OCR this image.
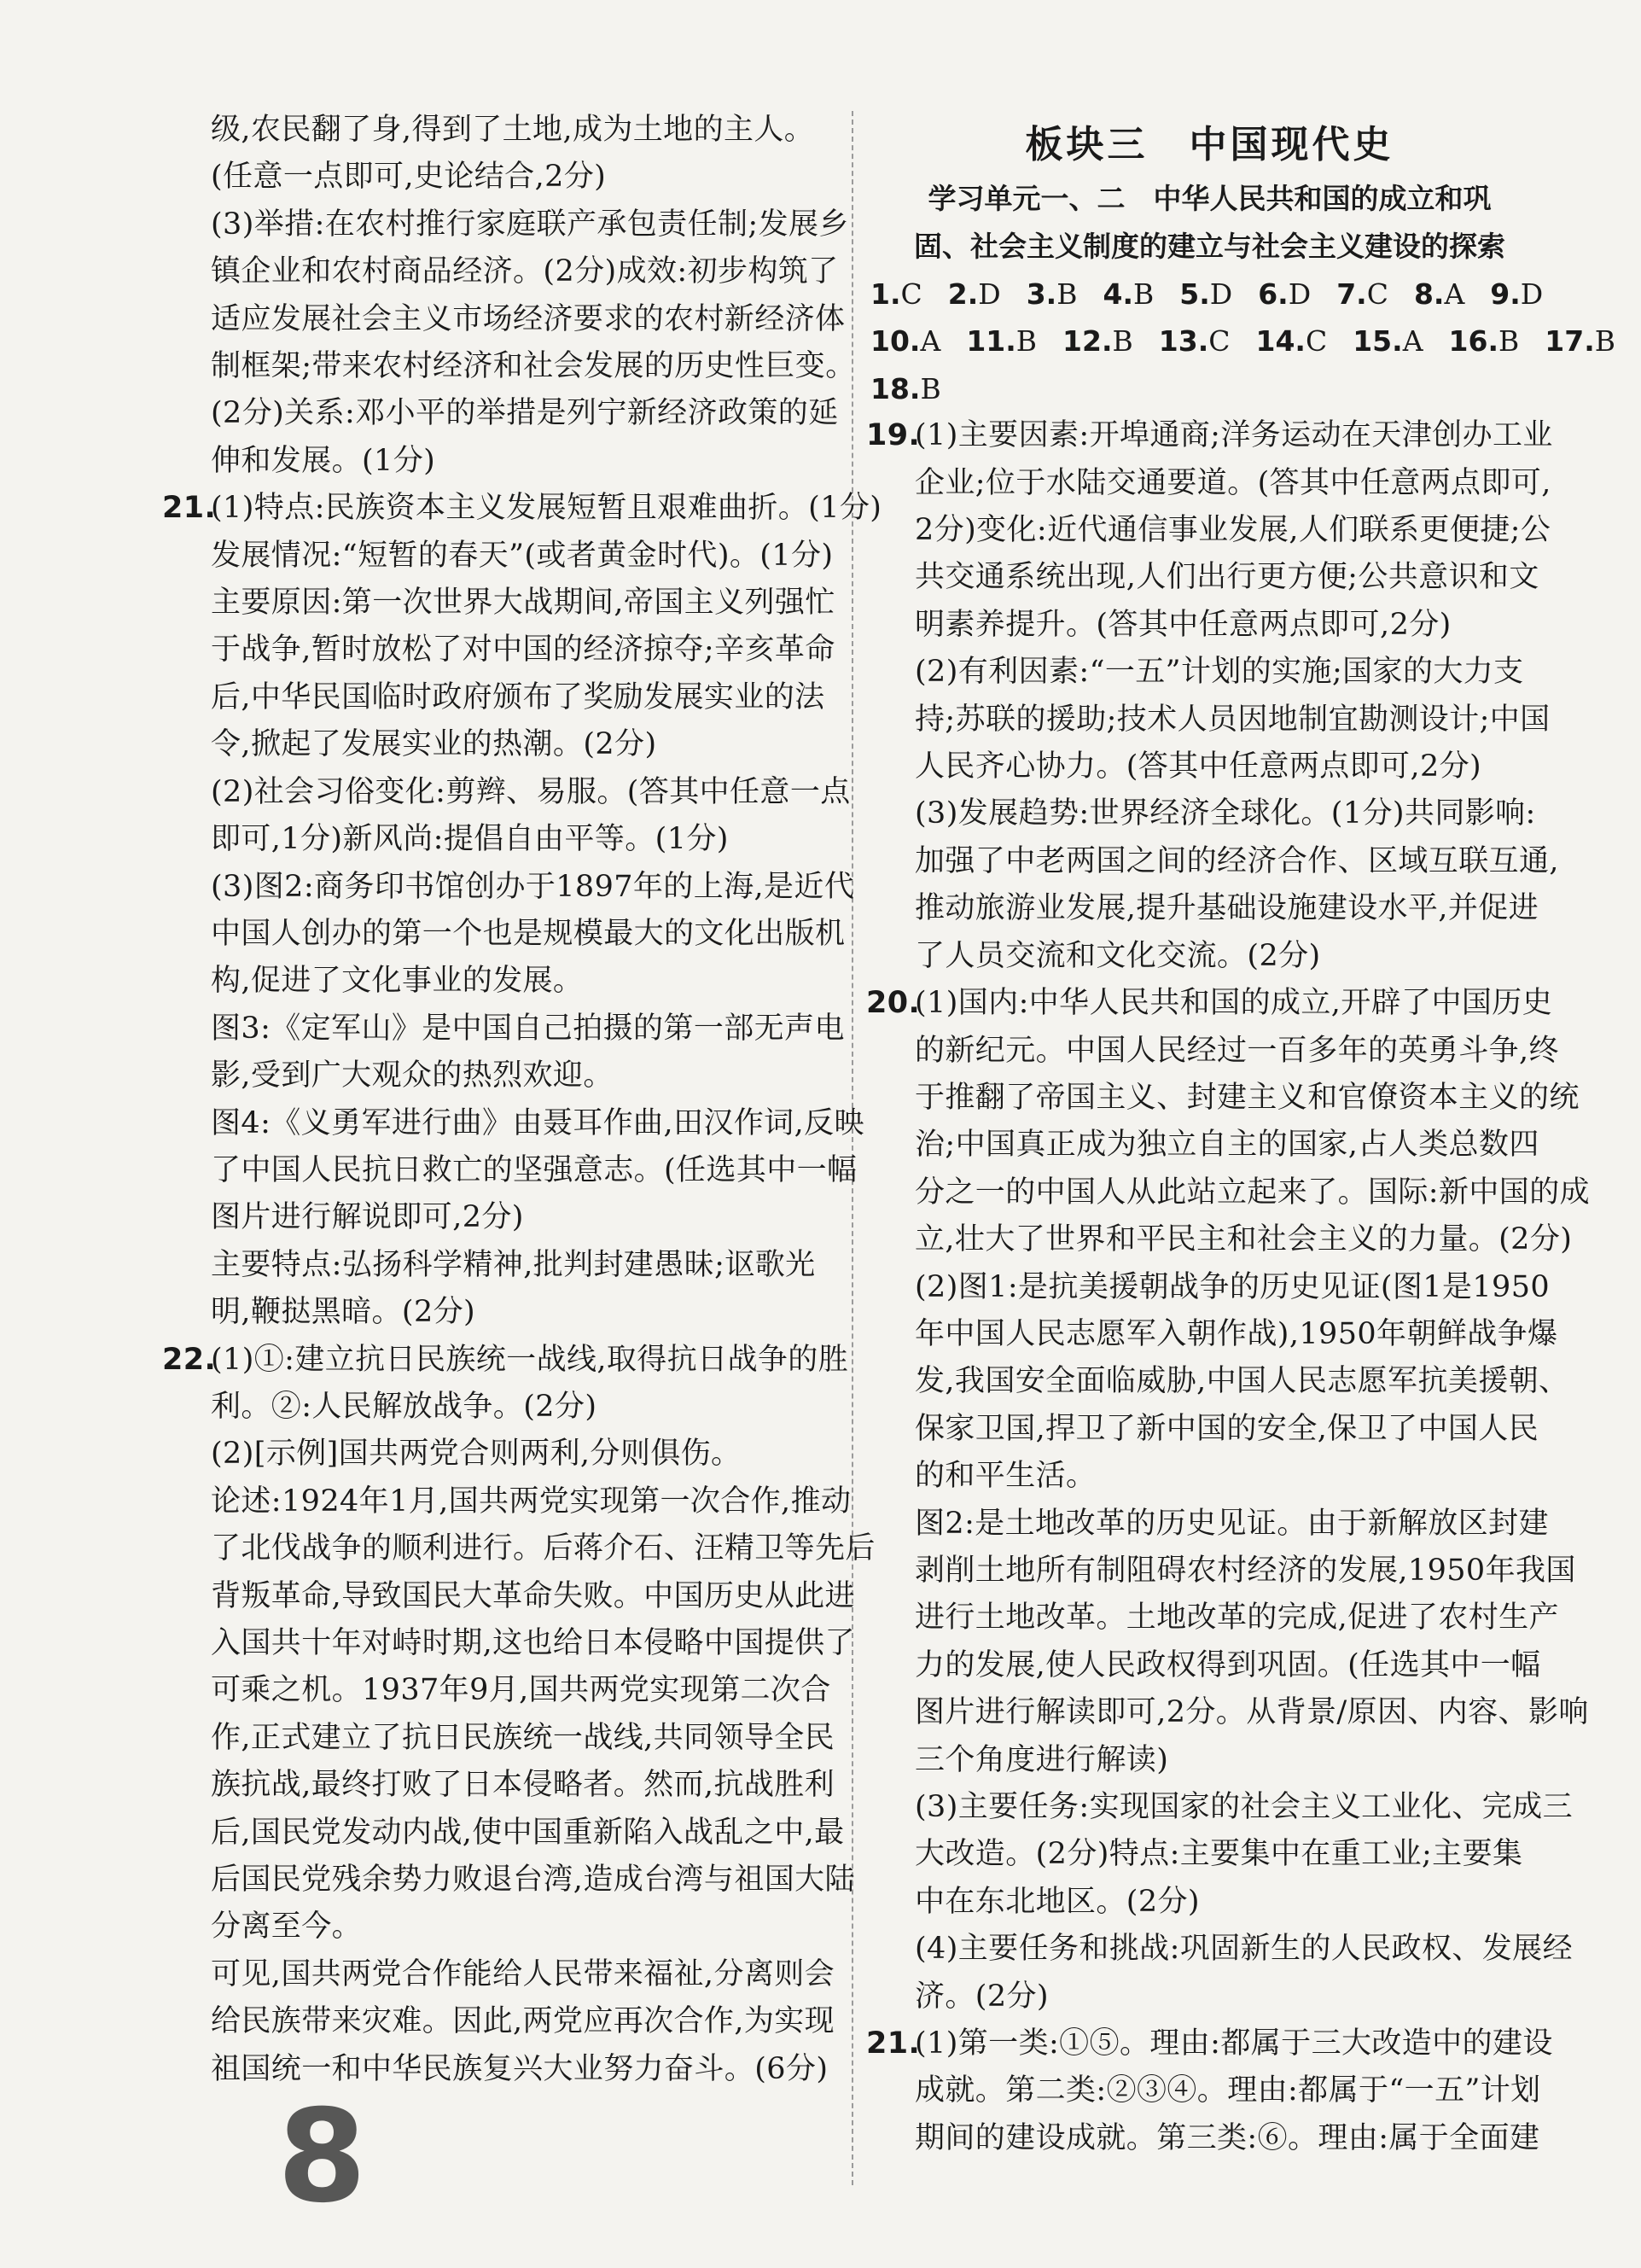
级,农民翻了身,得到了土地,成为土地的主人。
(任意一点即可,史论结合,2分)
(3)举措:在农村推行家庭联产承包责任制;发展乡
镇企业和农村商品经济。(2分)成效:初步构筑了
适应发展社会主义市场经济要求的农村新经济体
制框架;带来农村经济和社会发展的历史性巨变。
(2分)关系:邓小平的举措是列宁新经济政策的延
伸和发展。(1分)
21.
(1)特点:民族资本主义发展短暂且艰难曲折。(1分)
发展情况:“短暂的春天”(或者黄金时代)。(1分)
主要原因:第一次世界大战期间,帝国主义列强忙
于战争,暂时放松了对中国的经济掠夺;辛亥革命
后,中华民国临时政府颁布了奖励发展实业的法
令,掀起了发展实业的热潮。(2分)
(2)社会习俗变化:剪辫、易服。(答其中任意一点
即可,1分)新风尚:提倡自由平等。(1分)
(3)图2:商务印书馆创办于1897年的上海,是近代
中国人创办的第一个也是规模最大的文化出版机
构,促进了文化事业的发展。
图3:《定军山》是中国自己拍摄的第一部无声电
影,受到广大观众的热烈欢迎。
图4:《义勇军进行曲》由聂耳作曲,田汉作词,反映
了中国人民抗日救亡的坚强意志。(任选其中一幅
图片进行解说即可,2分)
主要特点:弘扬科学精神,批判封建愚昧;讴歌光
明,鞭挞黑暗。(2分)
22.
(1)①:建立抗日民族统一战线,取得抗日战争的胜
利。②:人民解放战争。(2分)
(2)[示例]国共两党合则两利,分则俱伤。
论述:1924年1月,国共两党实现第一次合作,推动
了北伐战争的顺利进行。后蒋介石、汪精卫等先后
背叛革命,导致国民大革命失败。中国历史从此进
入国共十年对峙时期,这也给日本侵略中国提供了
可乘之机。1937年9月,国共两党实现第二次合
作,正式建立了抗日民族统一战线,共同领导全民
族抗战,最终打败了日本侵略者。然而,抗战胜利
后,国民党发动内战,使中国重新陷入战乱之中,最
后国民党残余势力败退台湾,造成台湾与祖国大陆
分离至今。
可见,国共两党合作能给人民带来福祉,分离则会
给民族带来灾难。因此,两党应再次合作,为实现
祖国统一和中华民族复兴大业努力奋斗。(6分)
板块三　中国现代史
学习单元一、二　中华人民共和国的成立和巩
固、社会主义制度的建立与社会主义建设的探索
1.C 2.D 3.B 4.B 5.D 6.D 7.C 8.A 9.D
10.A 11.B 12.B 13.C 14.C 15.A 16.B 17.B
18.B
19.
(1)主要因素:开埠通商;洋务运动在天津创办工业
企业;位于水陆交通要道。(答其中任意两点即可,
2分)变化:近代通信事业发展,人们联系更便捷;公
共交通系统出现,人们出行更方便;公共意识和文
明素养提升。(答其中任意两点即可,2分)
(2)有利因素:“一五”计划的实施;国家的大力支
持;苏联的援助;技术人员因地制宜勘测设计;中国
人民齐心协力。(答其中任意两点即可,2分)
(3)发展趋势:世界经济全球化。(1分)共同影响:
加强了中老两国之间的经济合作、区域互联互通,
推动旅游业发展,提升基础设施建设水平,并促进
了人员交流和文化交流。(2分)
20.
(1)国内:中华人民共和国的成立,开辟了中国历史
的新纪元。中国人民经过一百多年的英勇斗争,终
于推翻了帝国主义、封建主义和官僚资本主义的统
治;中国真正成为独立自主的国家,占人类总数四
分之一的中国人从此站立起来了。国际:新中国的成
立,壮大了世界和平民主和社会主义的力量。(2分)
(2)图1:是抗美援朝战争的历史见证(图1是1950
年中国人民志愿军入朝作战),1950年朝鲜战争爆
发,我国安全面临威胁,中国人民志愿军抗美援朝、
保家卫国,捍卫了新中国的安全,保卫了中国人民
的和平生活。
图2:是土地改革的历史见证。由于新解放区封建
剥削土地所有制阻碍农村经济的发展,1950年我国
进行土地改革。土地改革的完成,促进了农村生产
力的发展,使人民政权得到巩固。(任选其中一幅
图片进行解读即可,2分。从背景/原因、内容、影响
三个角度进行解读)
(3)主要任务:实现国家的社会主义工业化、完成三
大改造。(2分)特点:主要集中在重工业;主要集
中在东北地区。(2分)
(4)主要任务和挑战:巩固新生的人民政权、发展经
济。(2分)
21.
(1)第一类:①⑤。理由:都属于三大改造中的建设
成就。第二类:②③④。理由:都属于“一五”计划
期间的建设成就。第三类:⑥。理由:属于全面建
8
